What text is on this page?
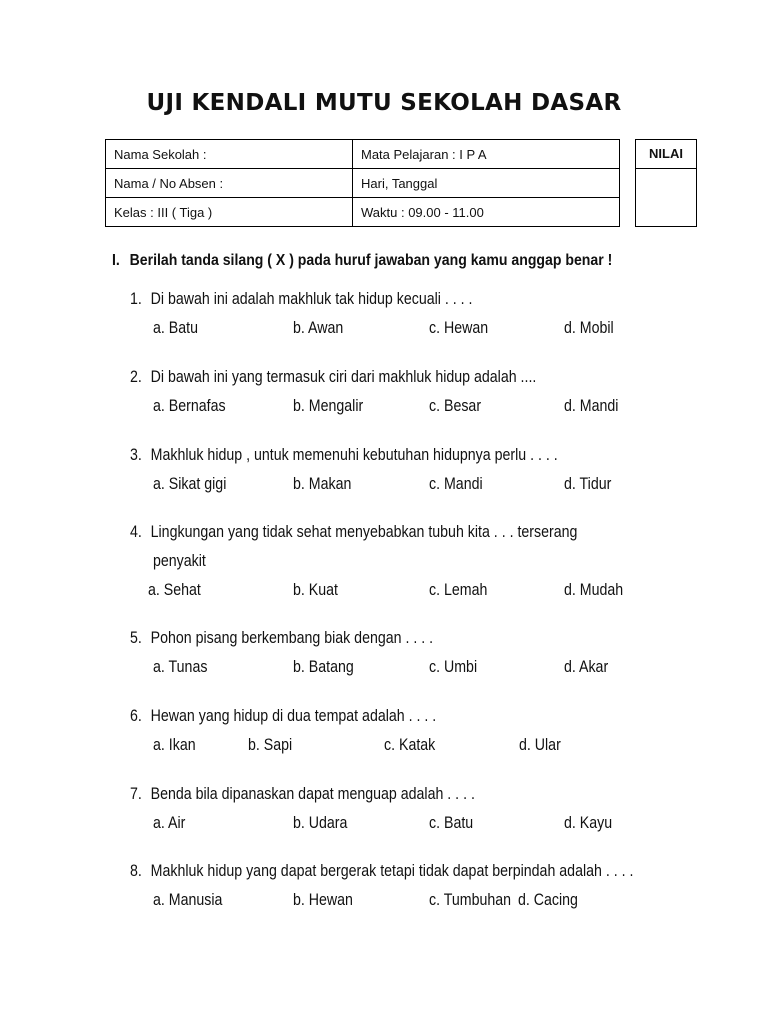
UJI KENDALI MUTU SEKOLAH DASAR
Nama Sekolah :	Mata Pelajaran : I P A
Nama / No Absen :	Hari, Tanggal
Kelas : III ( Tiga )	Waktu : 09.00 - 11.00
NILAI
I. Berilah tanda silang ( X ) pada huruf jawaban yang kamu anggap benar !
1. Di bawah ini adalah makhluk tak hidup kecuali . . . .
a. Batu	b. Awan	c. Hewan	d. Mobil
2. Di bawah ini yang termasuk ciri dari makhluk hidup adalah ....
a. Bernafas	b. Mengalir	c. Besar	d. Mandi
3. Makhluk hidup , untuk memenuhi kebutuhan hidupnya perlu . . . .
a. Sikat gigi	b. Makan	c. Mandi	d. Tidur
4. Lingkungan yang tidak sehat menyebabkan tubuh kita . . . terserang
penyakit
a. Sehat	b. Kuat	c. Lemah	d. Mudah
5. Pohon pisang berkembang biak dengan . . . .
a. Tunas	b. Batang	c. Umbi	d. Akar
6. Hewan yang hidup di dua tempat adalah . . . .
a. Ikan	b. Sapi	c. Katak	d. Ular
7. Benda bila dipanaskan dapat menguap adalah . . . .
a. Air	b. Udara	c. Batu	d. Kayu
8. Makhluk hidup yang dapat bergerak tetapi tidak dapat berpindah adalah . . . .
a. Manusia	b. Hewan	c. Tumbuhan d. Cacing
